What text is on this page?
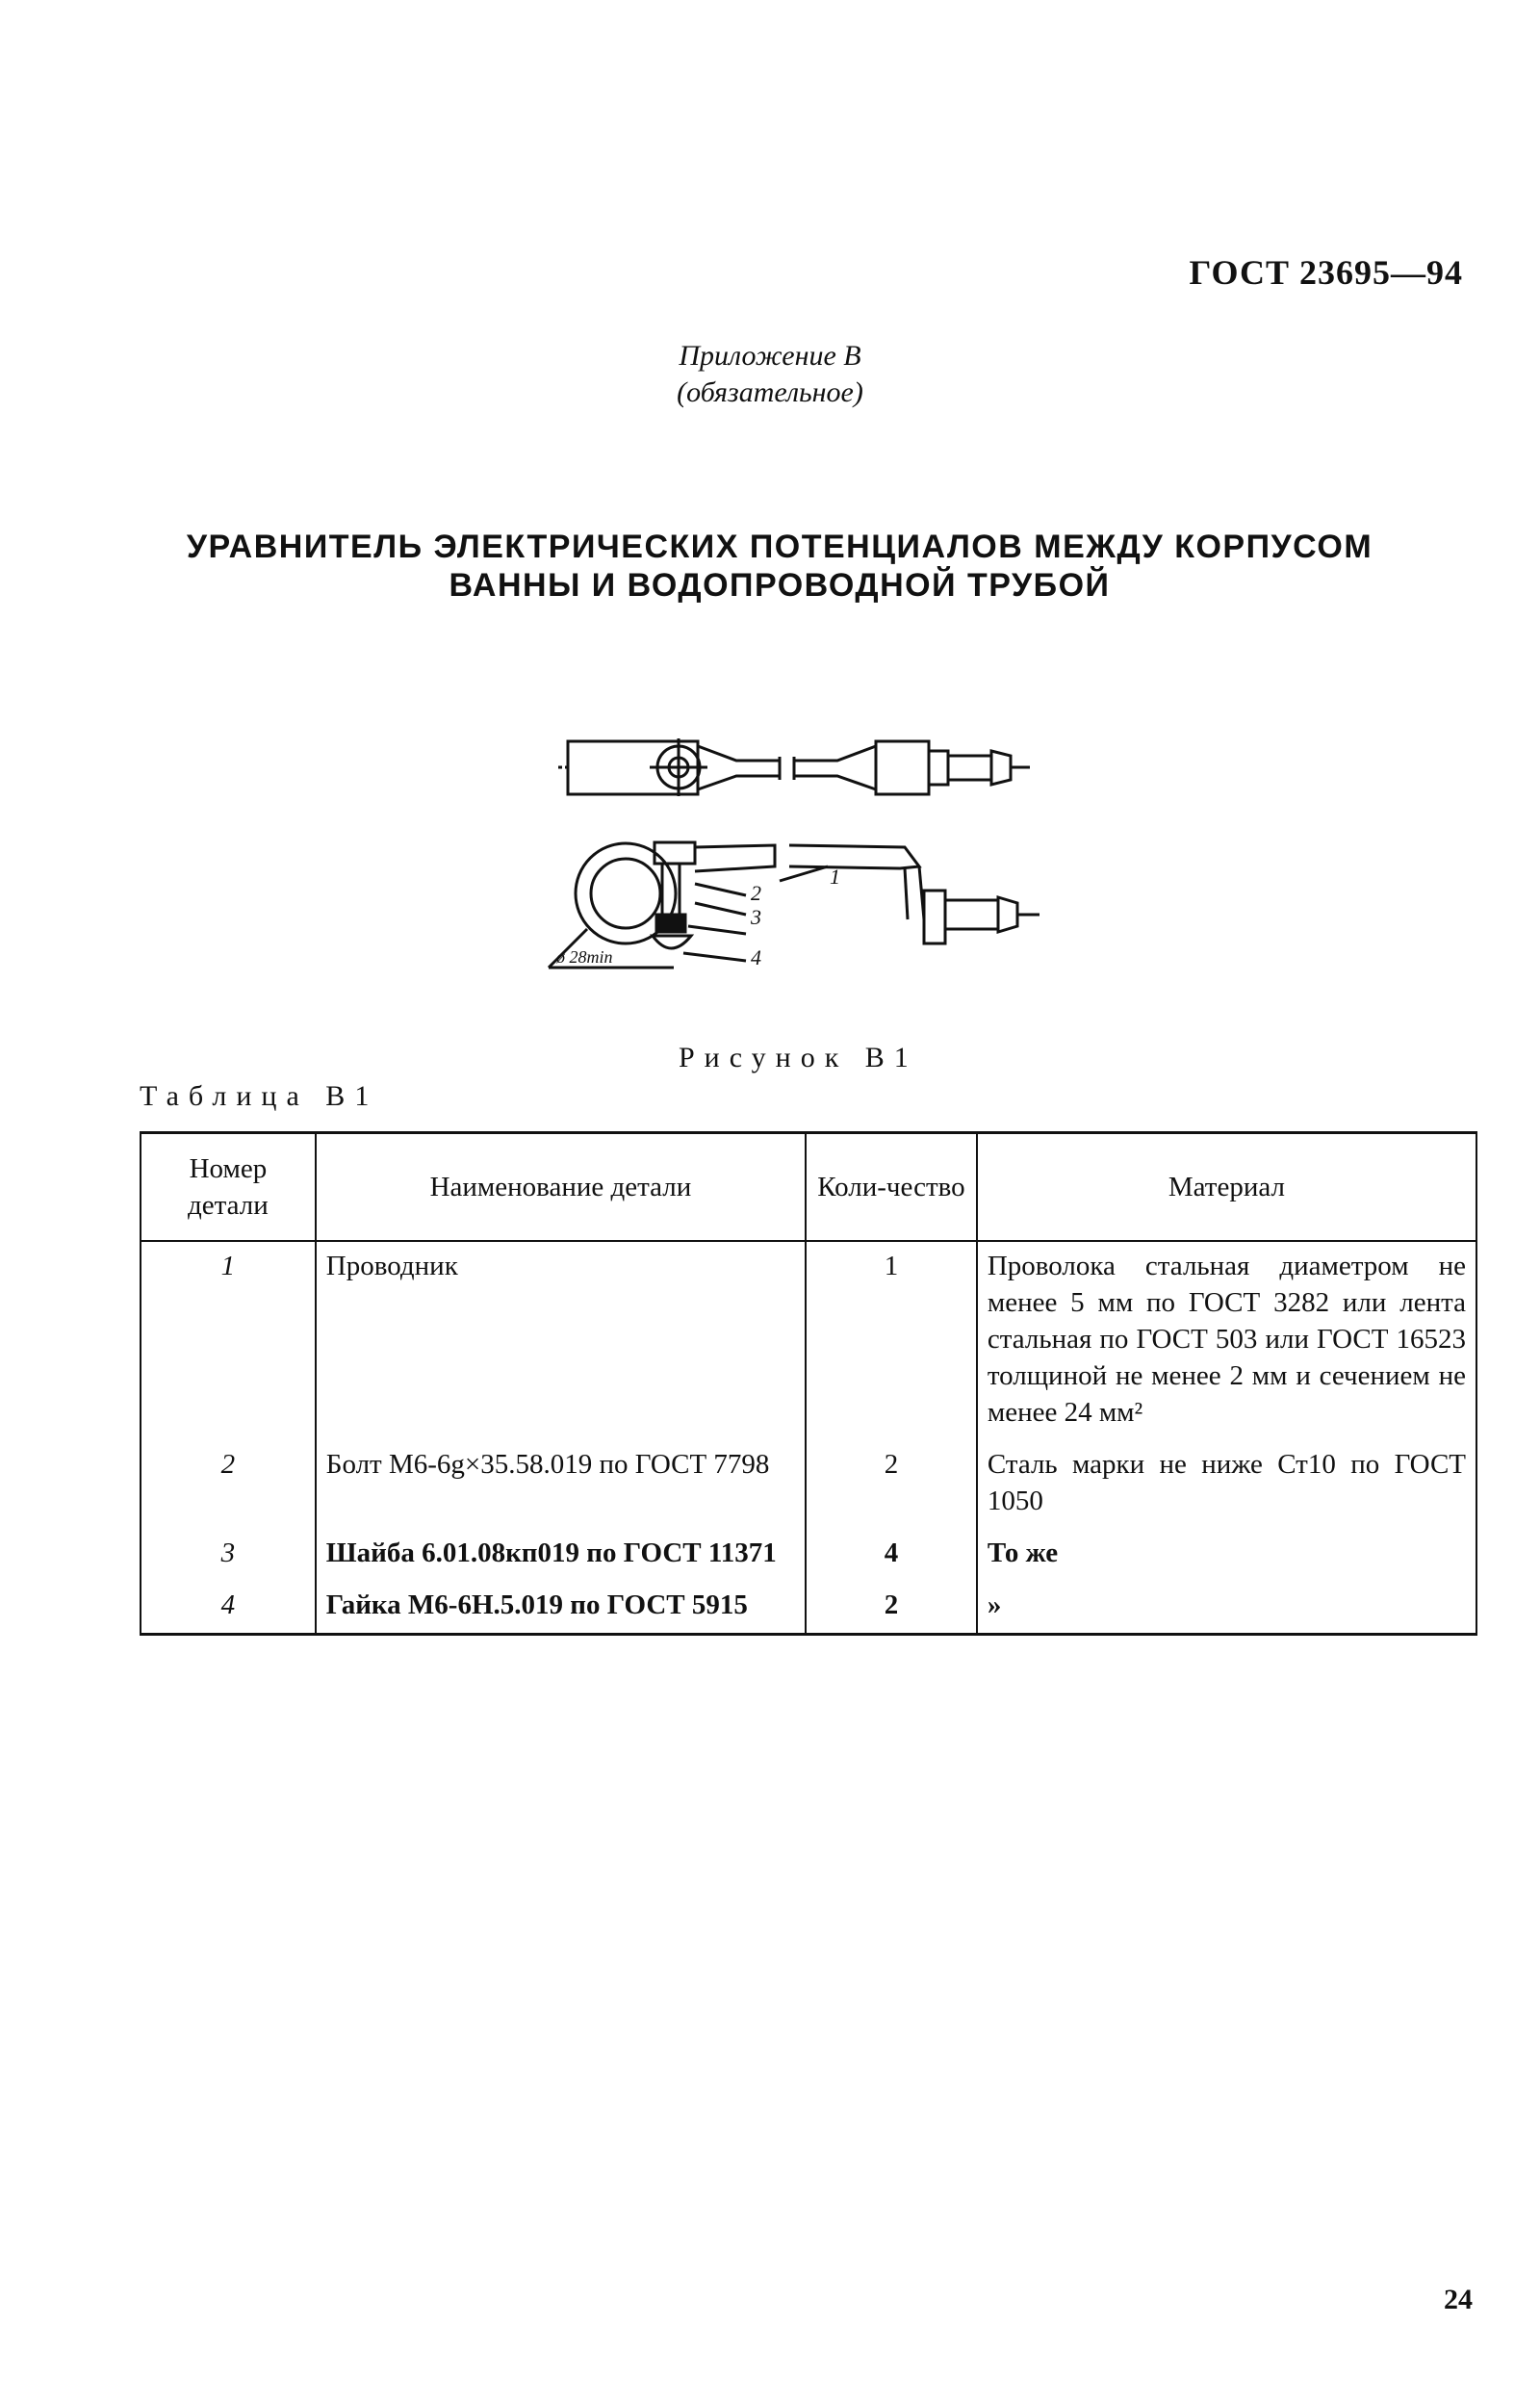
ГОСТ 23695—94
Приложение В
(обязательное)
УРАВНИТЕЛЬ ЭЛЕКТРИЧЕСКИХ ПОТЕНЦИАЛОВ МЕЖДУ КОРПУСОМ
ВАННЫ И ВОДОПРОВОДНОЙ ТРУБОЙ
1
2
3
4
ø 28min
Рисунок В1
Таблица В1
Номер детали	Наименование детали	Коли-чество	Материал
1	Проводник	1	Проволока стальная диаметром не менее 5 мм по ГОСТ 3282 или лента стальная по ГОСТ 503 или ГОСТ 16523 толщиной не менее 2 мм и сечением не менее 24 мм²
2	Болт М6-6g×35.58.019 по ГОСТ 7798	2	Сталь марки не ниже Ст10 по ГОСТ 1050
3	Шайба 6.01.08кп019 по ГОСТ 11371	4	То же
4	Гайка М6-6Н.5.019 по ГОСТ 5915	2	»
24
